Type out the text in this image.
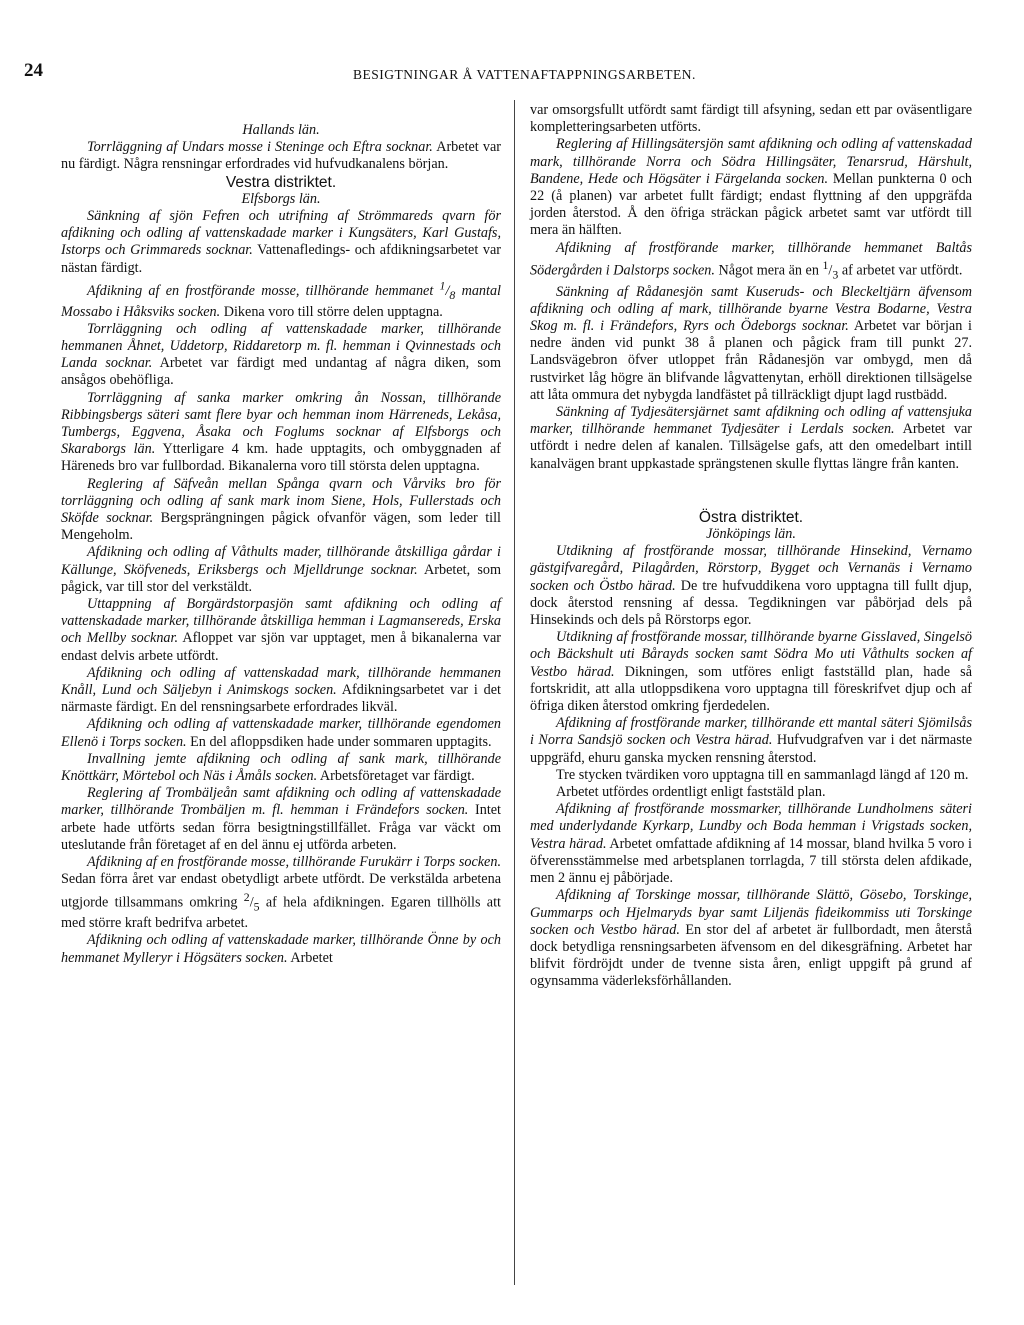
24	BESIGTNINGAR Å VATTENAFTAPPNINGSARBETEN.

Hallands län.

Torrläggning af Undars mosse i Steninge och Eftra socknar. Arbetet var nu färdigt. Några rensningar erfordrades vid hufvudkanalens början.

Vestra distriktet.

Elfsborgs län.

Sänkning af sjön Fefren och utrifning af Strömmareds qvarn för afdikning och odling af vattenskadade marker i Kungsäters, Karl Gustafs, Istorps och Grimmareds socknar. Vattenafledings- och afdikningsarbetet var nästan färdigt.

Afdikning af en frostförande mosse, tillhörande hemmanet $^1/_8$ mantal Mossabo i Håksviks socken. Dikena voro till större delen upptagna.

Torrläggning och odling af vattenskadade marker, tillhörande hemmanen Åhnet, Uddetorp, Riddaretorp m. fl. hemman i Qvinnestads och Landa socknar. Arbetet var färdigt med undantag af några diken, som ansågos obehöfliga.

Torrläggning af sanka marker omkring ån Nossan, tillhörande Ribbingsbergs säteri samt flere byar och hemman inom Härreneds, Lekåsa, Tumbergs, Eggvena, Åsaka och Foglums socknar af Elfsborgs och Skaraborgs län. Ytterligare 4 km. hade upptagits, och ombyggnaden af Häreneds bro var fullbordad. Bikanalerna voro till största delen upptagna.

Reglering af Säfveån mellan Spånga qvarn och Vårviks bro för torrläggning och odling af sank mark inom Siene, Hols, Fullerstads och Sköfde socknar. Bergsprängningen pågick ofvanför vägen, som leder till Mengeholm.

Afdikning och odling af Våthults mader, tillhörande åtskilliga gårdar i Källunge, Sköfveneds, Eriksbergs och Mjelldrunge socknar. Arbetet, som pågick, var till stor del verkstäldt.

Uttappning af Borgärdstorpasjön samt afdikning och odling af vattenskadade marker, tillhörande åtskilliga hemman i Lagmansereds, Erska och Mellby socknar. Afloppet var sjön var upptaget, men å bikanalerna var endast delvis arbete utfördt.

Afdikning och odling af vattenskadad mark, tillhörande hemmanen Knåll, Lund och Säljebyn i Animskogs socken. Afdikningsarbetet var i det närmaste färdigt. En del rensningsarbete erfordrades likväl.

Afdikning och odling af vattenskadade marker, tillhörande egendomen Ellenö i Torps socken. En del afloppsdiken hade under sommaren upptagits.

Invallning jemte afdikning och odling af sank mark, tillhörande Knöttkärr, Mörtebol och Näs i Åmåls socken. Arbetsföretaget var färdigt.

Reglering af Trombäljeån samt afdikning och odling af vattenskadade marker, tillhörande Trombäljen m. fl. hemman i Frändefors socken. Intet arbete hade utförts sedan förra besigtningstillfället. Fråga var väckt om uteslutande från företaget af en del ännu ej utförda arbeten.

Afdikning af en frostförande mosse, tillhörande Furukärr i Torps socken. Sedan förra året var endast obetydligt arbete utfördt. De verkstälda arbetena utgjorde tillsammans omkring $^2/_5$ af hela afdikningen. Egaren tillhölls att med större kraft bedrifva arbetet.

Afdikning och odling af vattenskadade marker, tillhörande Önne by och hemmanet Mylleryr i Högsäters socken. Arbetet

var omsorgsfullt utfördt samt färdigt till afsyning, sedan ett par oväsentligare kompletteringsarbeten utförts.

Reglering af Hillingsätersjön samt afdikning och odling af vattenskadad mark, tillhörande Norra och Södra Hillingsäter, Tenarsrud, Härshult, Bandene, Hede och Högsäter i Färgelanda socken. Mellan punkterna 0 och 22 (å planen) var arbetet fullt färdigt; endast flyttning af den uppgräfda jorden återstod. Å den öfriga sträckan pågick arbetet samt var utfördt till mera än hälften.

Afdikning af frostförande marker, tillhörande hemmanet Baltås Södergården i Dalstorps socken. Något mera än en $^1/_3$ af arbetet var utfördt.

Sänkning af Rådanesjön samt Kuseruds- och Bleckeltjärn äfvensom afdikning och odling af mark, tillhörande byarne Vestra Bodarne, Vestra Skog m. fl. i Frändefors, Ryrs och Ödeborgs socknar. Arbetet var början i nedre änden vid punkt 38 å planen och pågick fram till punkt 27. Landsvägebron öfver utloppet från Rådanesjön var ombygd, men då rustvirket låg högre än blifvande lågvattenytan, erhöll direktionen tillsägelse att låta ommura det nybygda landfästet på tillräckligt djupt lagd rustbädd.

Sänkning af Tydjesätersjärnet samt afdikning och odling af vattensjuka marker, tillhörande hemmanet Tydjesäter i Lerdals socken. Arbetet var utfördt i nedre delen af kanalen. Tillsägelse gafs, att den omedelbart intill kanalvägen brant uppkastade sprängstenen skulle flyttas längre från kanten.

Östra distriktet.

Jönköpings län.

Utdikning af frostförande mossar, tillhörande Hinsekind, Vernamo gästgifvaregård, Pilagården, Rörstorp, Bygget och Vernanäs i Vernamo socken och Östbo härad. De tre hufvuddikena voro upptagna till fullt djup, dock återstod rensning af dessa. Tegdikningen var påbörjad dels på Hinsekinds och dels på Rörstorps egor.

Utdikning af frostförande mossar, tillhörande byarne Gisslaved, Singelsö och Bäckshult uti Bårayds socken samt Södra Mo uti Våthults socken af Vestbo härad. Dikningen, som utföres enligt fastställd plan, hade så fortskridit, att alla utloppsdikena voro upptagna till föreskrifvet djup och af öfriga diken återstod omkring fjerdedelen.

Afdikning af frostförande marker, tillhörande ett mantal säteri Sjömilsås i Norra Sandsjö socken och Vestra härad. Hufvudgrafven var i det närmaste uppgräfd, ehuru ganska mycken rensning återstod.

Tre stycken tvärdiken voro upptagna till en sammanlagd längd af 120 m.

Arbetet utfördes ordentligt enligt faststäld plan.

Afdikning af frostförande mossmarker, tillhörande Lundholmens säteri med underlydande Kyrkarp, Lundby och Boda hemman i Vrigstads socken, Vestra härad. Arbetet omfattade afdikning af 14 mossar, bland hvilka 5 voro i öfverensstämmelse med arbetsplanen torrlagda, 7 till största delen afdikade, men 2 ännu ej påbörjade.

Afdikning af Torskinge mossar, tillhörande Slättö, Gösebo, Torskinge, Gummarps och Hjelmaryds byar samt Liljenäs fideikommiss uti Torskinge socken och Vestbo härad. En stor del af arbetet är fullbordadt, men återstå dock betydliga rensningsarbeten äfvensom en del dikesgräfning. Arbetet har blifvit fördröjdt under de tvenne sista åren, enligt uppgift på grund af ogynsamma väderleksförhållanden.
